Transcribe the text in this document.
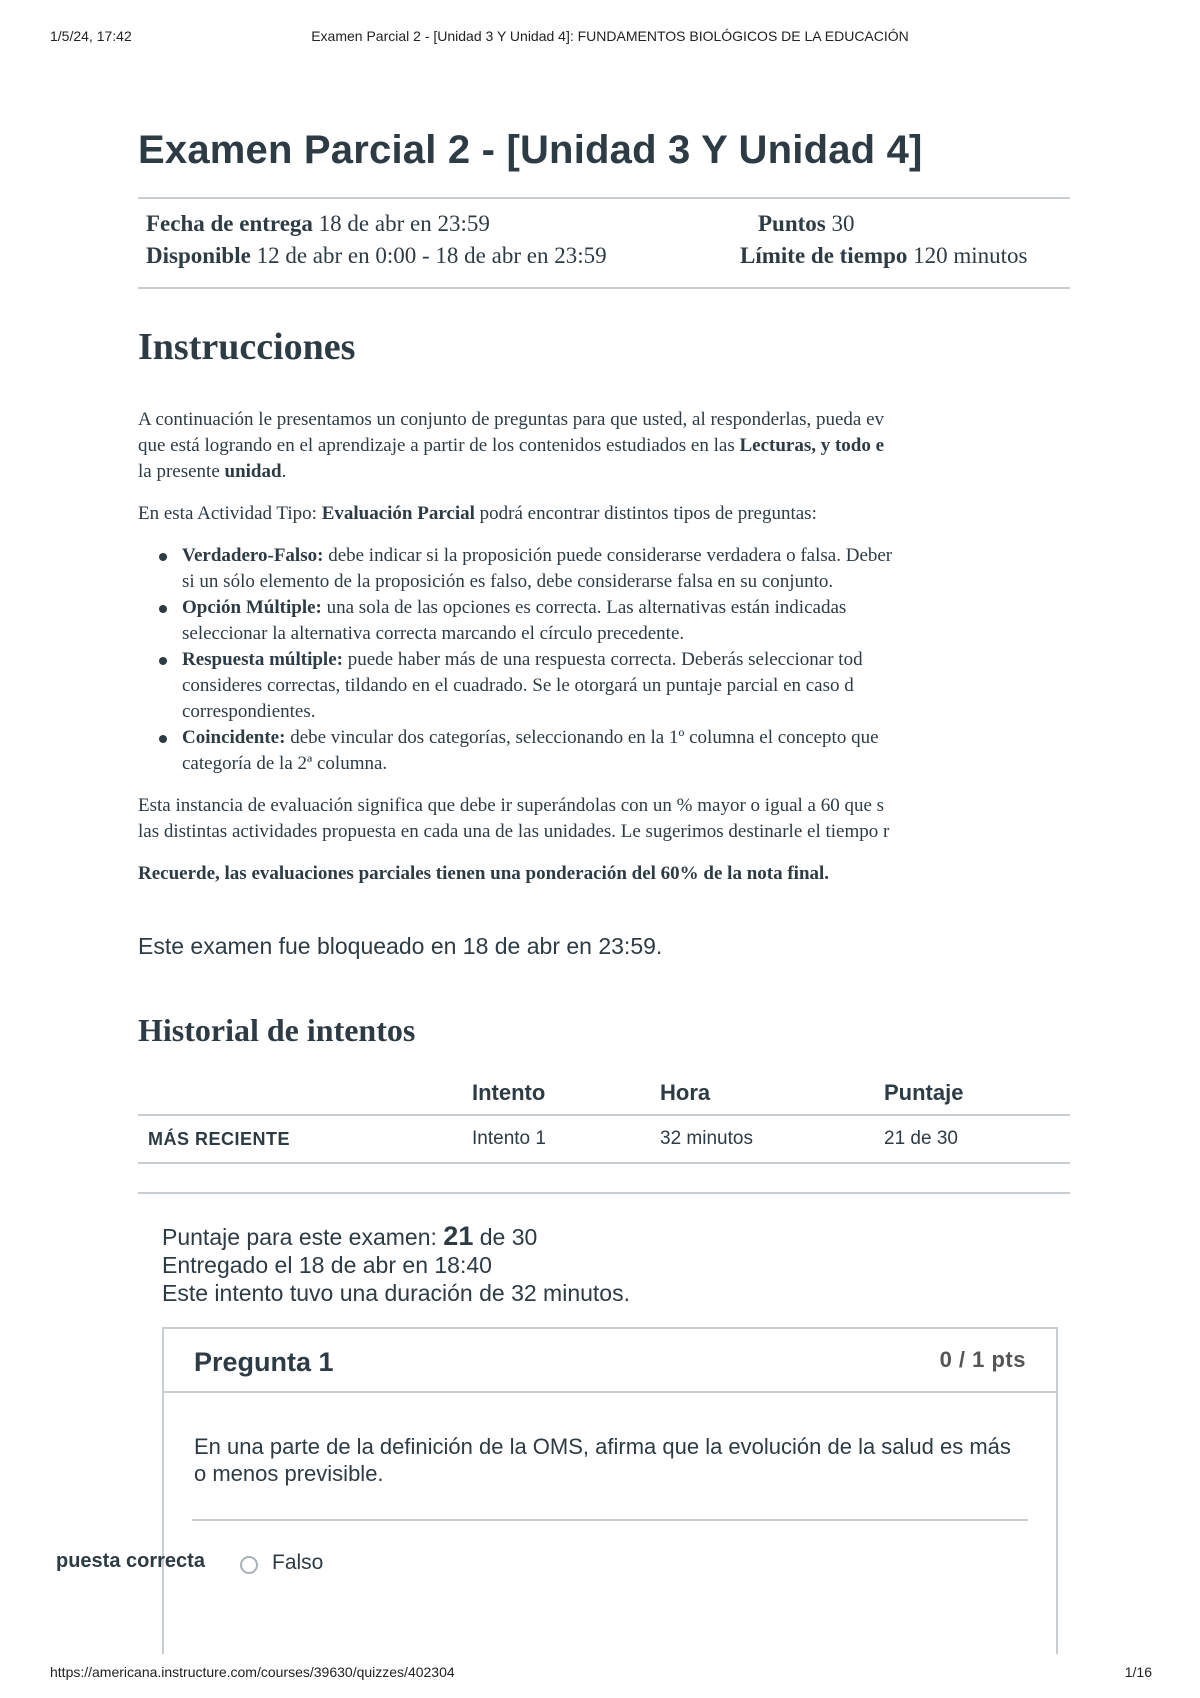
1/5/24, 17:42	Examen Parcial 2 - [Unidad 3 Y Unidad 4]: FUNDAMENTOS BIOLÓGICOS DE LA EDUCACIÓN
Examen Parcial 2 - [Unidad 3 Y Unidad 4]
Fecha de entrega 18 de abr en 23:59	Puntos 30
Disponible 12 de abr en 0:00 - 18 de abr en 23:59	Límite de tiempo 120 minutos
Instrucciones

A continuación le presentamos un conjunto de preguntas para que usted, al responderlas, pueda ev
que está logrando en el aprendizaje a partir de los contenidos estudiados en las Lecturas, y todo e
la presente unidad.

En esta Actividad Tipo: Evaluación Parcial podrá encontrar distintos tipos de preguntas:

Verdadero-Falso: debe indicar si la proposición puede considerarse verdadera o falsa. Deber
si un sólo elemento de la proposición es falso, debe considerarse falsa en su conjunto.
Opción Múltiple: una sola de las opciones es correcta. Las alternativas están indicadas
seleccionar la alternativa correcta marcando el círculo precedente.
Respuesta múltiple: puede haber más de una respuesta correcta. Deberás seleccionar tod
consideres correctas, tildando en el cuadrado. Se le otorgará un puntaje parcial en caso d
correspondientes.
Coincidente: debe vincular dos categorías, seleccionando en la 1º columna el concepto que
categoría de la 2ª columna.

Esta instancia de evaluación significa que debe ir superándolas con un % mayor o igual a 60 que s
las distintas actividades propuesta en cada una de las unidades. Le sugerimos destinarle el tiempo r

Recuerde, las evaluaciones parciales tienen una ponderación del 60% de la nota final.

Este examen fue bloqueado en 18 de abr en 23:59.

Historial de intentos
	Intento	Hora	Puntaje
MÁS RECIENTE	Intento 1	32 minutos	21 de 30
Puntaje para este examen: 21 de 30
Entregado el 18 de abr en 18:40
Este intento tuvo una duración de 32 minutos.
Pregunta 1	0 / 1 pts
En una parte de la definición de la OMS, afirma que la evolución de la salud es más o menos previsible.
puesta correcta	Falso
https://americana.instructure.com/courses/39630/quizzes/402304	1/16
